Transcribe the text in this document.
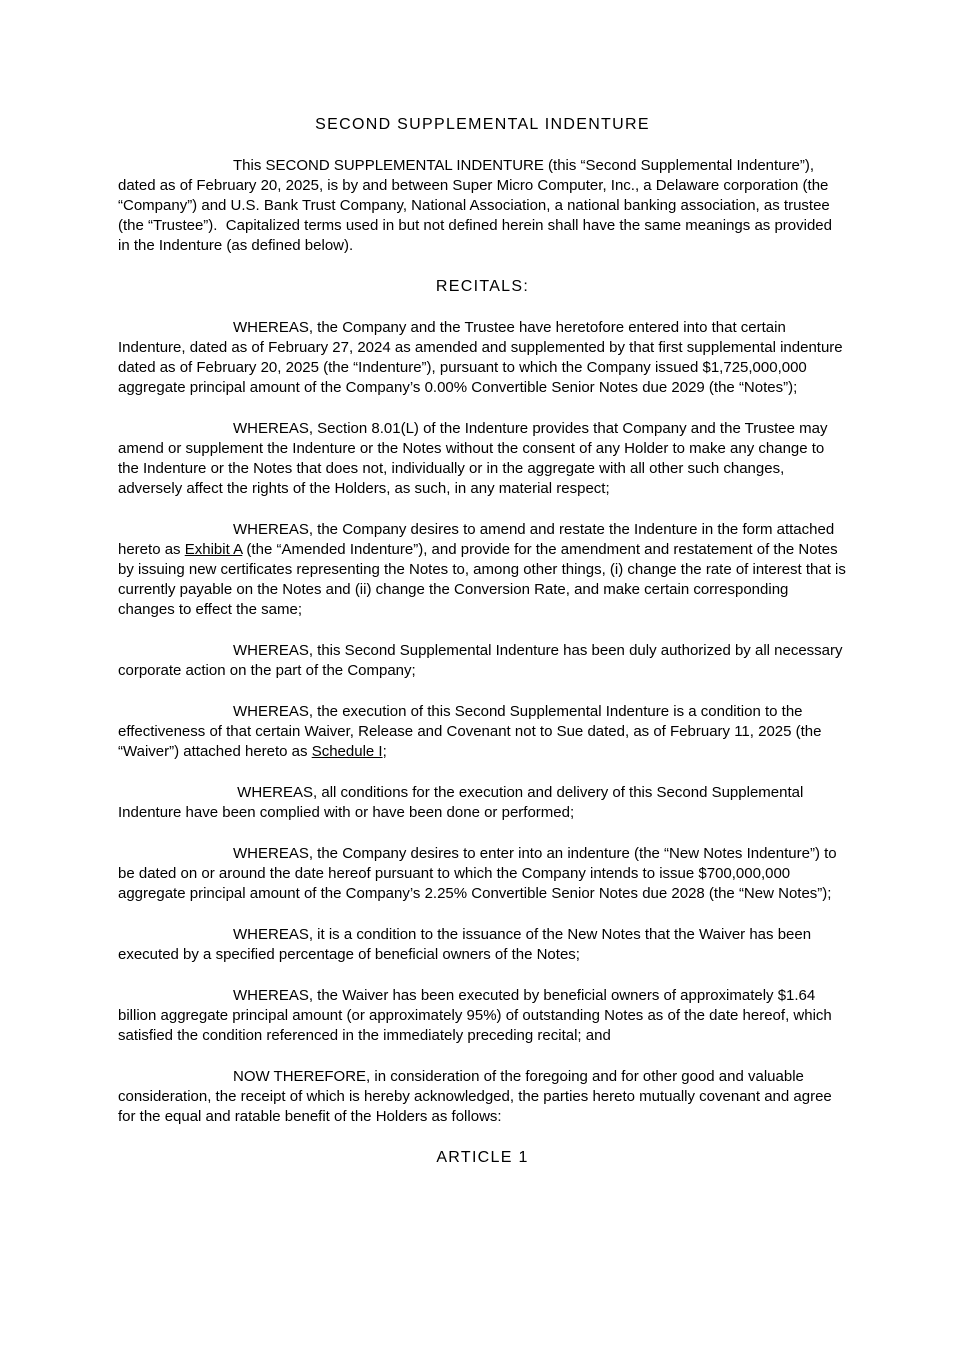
SECOND SUPPLEMENTAL INDENTURE

This SECOND SUPPLEMENTAL INDENTURE (this “Second Supplemental Indenture”), dated as of February 20, 2025, is by and between Super Micro Computer, Inc., a Delaware corporation (the “Company”) and U.S. Bank Trust Company, National Association, a national banking association, as trustee (the “Trustee”).  Capitalized terms used in but not defined herein shall have the same meanings as provided in the Indenture (as defined below).

RECITALS:

WHEREAS, the Company and the Trustee have heretofore entered into that certain Indenture, dated as of February 27, 2024 as amended and supplemented by that first supplemental indenture dated as of February 20, 2025 (the “Indenture”), pursuant to which the Company issued $1,725,000,000 aggregate principal amount of the Company’s 0.00% Convertible Senior Notes due 2029 (the “Notes”);

WHEREAS, Section 8.01(L) of the Indenture provides that Company and the Trustee may amend or supplement the Indenture or the Notes without the consent of any Holder to make any change to the Indenture or the Notes that does not, individually or in the aggregate with all other such changes, adversely affect the rights of the Holders, as such, in any material respect;

WHEREAS, the Company desires to amend and restate the Indenture in the form attached hereto as Exhibit A (the “Amended Indenture”), and provide for the amendment and restatement of the Notes by issuing new certificates representing the Notes to, among other things, (i) change the rate of interest that is currently payable on the Notes and (ii) change the Conversion Rate, and make certain corresponding changes to effect the same;

WHEREAS, this Second Supplemental Indenture has been duly authorized by all necessary corporate action on the part of the Company;

WHEREAS, the execution of this Second Supplemental Indenture is a condition to the effectiveness of that certain Waiver, Release and Covenant not to Sue dated, as of February 11, 2025 (the “Waiver”) attached hereto as Schedule I;

WHEREAS, all conditions for the execution and delivery of this Second Supplemental Indenture have been complied with or have been done or performed;

WHEREAS, the Company desires to enter into an indenture (the “New Notes Indenture”) to be dated on or around the date hereof pursuant to which the Company intends to issue $700,000,000 aggregate principal amount of the Company’s 2.25% Convertible Senior Notes due 2028 (the “New Notes”);

WHEREAS, it is a condition to the issuance of the New Notes that the Waiver has been executed by a specified percentage of beneficial owners of the Notes;

WHEREAS, the Waiver has been executed by beneficial owners of approximately $1.64 billion aggregate principal amount (or approximately 95%) of outstanding Notes as of the date hereof, which satisfied the condition referenced in the immediately preceding recital; and

NOW THEREFORE, in consideration of the foregoing and for other good and valuable consideration, the receipt of which is hereby acknowledged, the parties hereto mutually covenant and agree for the equal and ratable benefit of the Holders as follows:

ARTICLE 1
